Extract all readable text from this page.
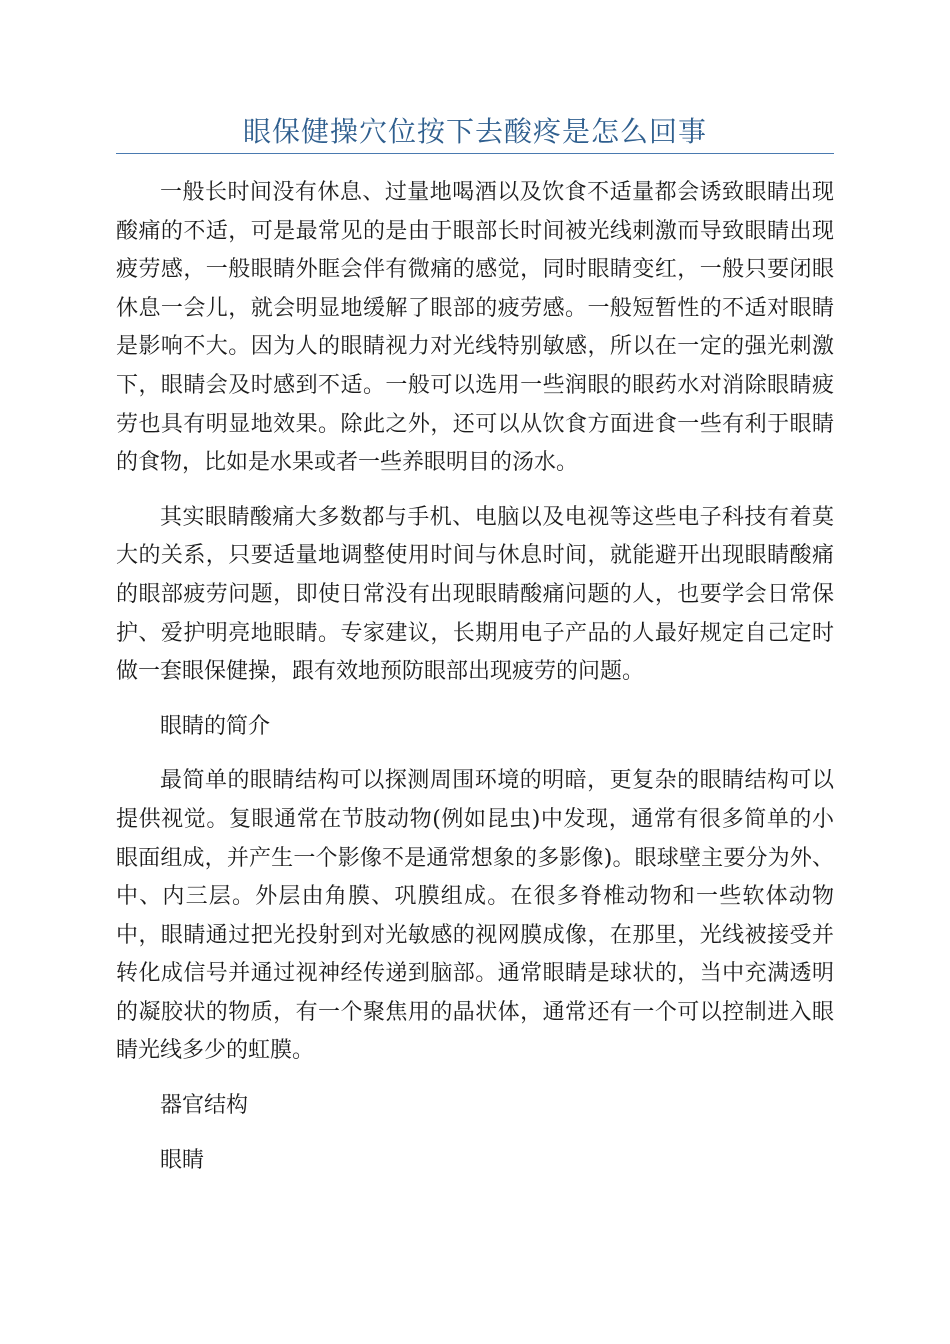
眼保健操穴位按下去酸疼是怎么回事

一般长时间没有休息、过量地喝酒以及饮食不适量都会诱致眼睛出现酸痛的不适，可是最常见的是由于眼部长时间被光线刺激而导致眼睛出现疲劳感，一般眼睛外眶会伴有微痛的感觉，同时眼睛变红，一般只要闭眼休息一会儿，就会明显地缓解了眼部的疲劳感。一般短暂性的不适对眼睛是影响不大。因为人的眼睛视力对光线特别敏感，所以在一定的强光刺激下，眼睛会及时感到不适。一般可以选用一些润眼的眼药水对消除眼睛疲劳也具有明显地效果。除此之外，还可以从饮食方面进食一些有利于眼睛的食物，比如是水果或者一些养眼明目的汤水。

其实眼睛酸痛大多数都与手机、电脑以及电视等这些电子科技有着莫大的关系，只要适量地调整使用时间与休息时间，就能避开出现眼睛酸痛的眼部疲劳问题，即使日常没有出现眼睛酸痛问题的人，也要学会日常保护、爱护明亮地眼睛。专家建议，长期用电子产品的人最好规定自己定时做一套眼保健操，跟有效地预防眼部出现疲劳的问题。

眼睛的简介

最简单的眼睛结构可以探测周围环境的明暗，更复杂的眼睛结构可以提供视觉。复眼通常在节肢动物(例如昆虫)中发现，通常有很多简单的小眼面组成，并产生一个影像不是通常想象的多影像)。眼球壁主要分为外、中、内三层。外层由角膜、巩膜组成。在很多脊椎动物和一些软体动物中，眼睛通过把光投射到对光敏感的视网膜成像，在那里，光线被接受并转化成信号并通过视神经传递到脑部。通常眼睛是球状的，当中充满透明的凝胶状的物质，有一个聚焦用的晶状体，通常还有一个可以控制进入眼睛光线多少的虹膜。

器官结构

眼睛
